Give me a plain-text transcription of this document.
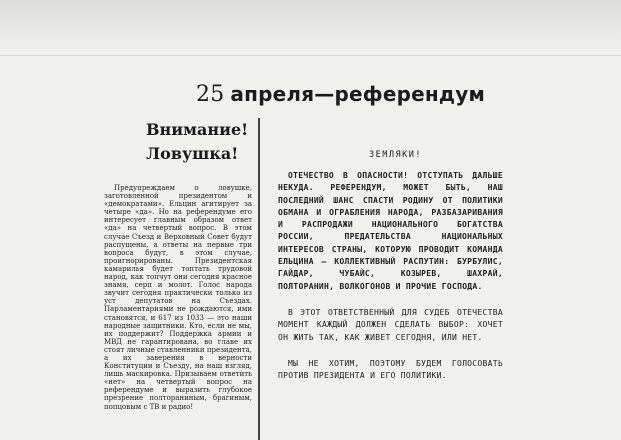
25 апреля—референдум
Внимание!
Ловушка!
Предупреждаем о ловушке, заготовленной президентом и «демократами». Ельцин агитирует за четыре «да». Но на референдуме его интересует главным образом ответ «да» на четвертый вопрос. В этом случае Съезд и Верховный Совет будут распущены, а ответы на первые три вопроса будут, в этом случае, проигнорированы. Президентская камарилья будет топтать трудовой народ, как топчут они сегодня красное знамя, серп и молот. Голос народа звучит сегодня практически только из уст депутатов на Съездах. Парламентариями не рождаются, ими становятся, и 617 из 1033 — это наши народные защитники. Кто, если не мы, их поддержит? Поддержка армии и МВД не гарантирована, во главе их стоят личные ставленники президента, а их заверения в верности Конституции и Съезду, на наш взгляд, лишь маскировка. Призываем ответить «нет» на четвертый вопрос на референдуме и выразить глубокое презрение полторaниным, брагиным, попцовым с ТВ и радио!
ЗЕМЛЯКИ!

ОТЕЧЕСТВО В ОПАСНОСТИ! ОТСТУПАТЬ ДАЛЬШЕ НЕКУДА. РЕФЕРЕНДУМ, МОЖЕТ БЫТЬ, НАШ ПОСЛЕДНИЙ ШАНС СПАСТИ РОДИНУ ОТ ПОЛИТИКИ ОБМАНА И ОГРАБЛЕНИЯ НАРОДА, РАЗБАЗАРИВАНИЯ И РАСПРОДАЖИ НАЦИОНАЛЬНОГО БОГАТСТВА РОССИИ, ПРЕДАТЕЛЬСТВА НАЦИОНАЛЬНЫХ ИНТЕРЕСОВ СТРАНЫ, КОТОРУЮ ПРОВОДИТ КОМАНДА ЕЛЬЦИНА — КОЛЛЕКТИВНЫЙ РАСПУТИН: БУРБУЛИС, ГАЙДАР, ЧУБАЙС, КОЗЫРЕВ, ШАХРАЙ, ПОЛТОРАНИН, ВОЛКОГОНОВ И ПРОЧИЕ ГОСПОДА.

В ЭТОТ ОТВЕТСТВЕННЫЙ ДЛЯ СУДЕБ ОТЕЧЕСТВА МОМЕНТ КАЖДЫЙ ДОЛЖЕН СДЕЛАТЬ ВЫБОР: ХОЧЕТ ОН ЖИТЬ ТАК, КАК ЖИВЕТ СЕГОДНЯ, ИЛИ НЕТ.

МЫ НЕ ХОТИМ, ПОЭТОМУ БУДЕМ ГОЛОСОВАТЬ ПРОТИВ ПРЕЗИДЕНТА И ЕГО ПОЛИТИКИ.
